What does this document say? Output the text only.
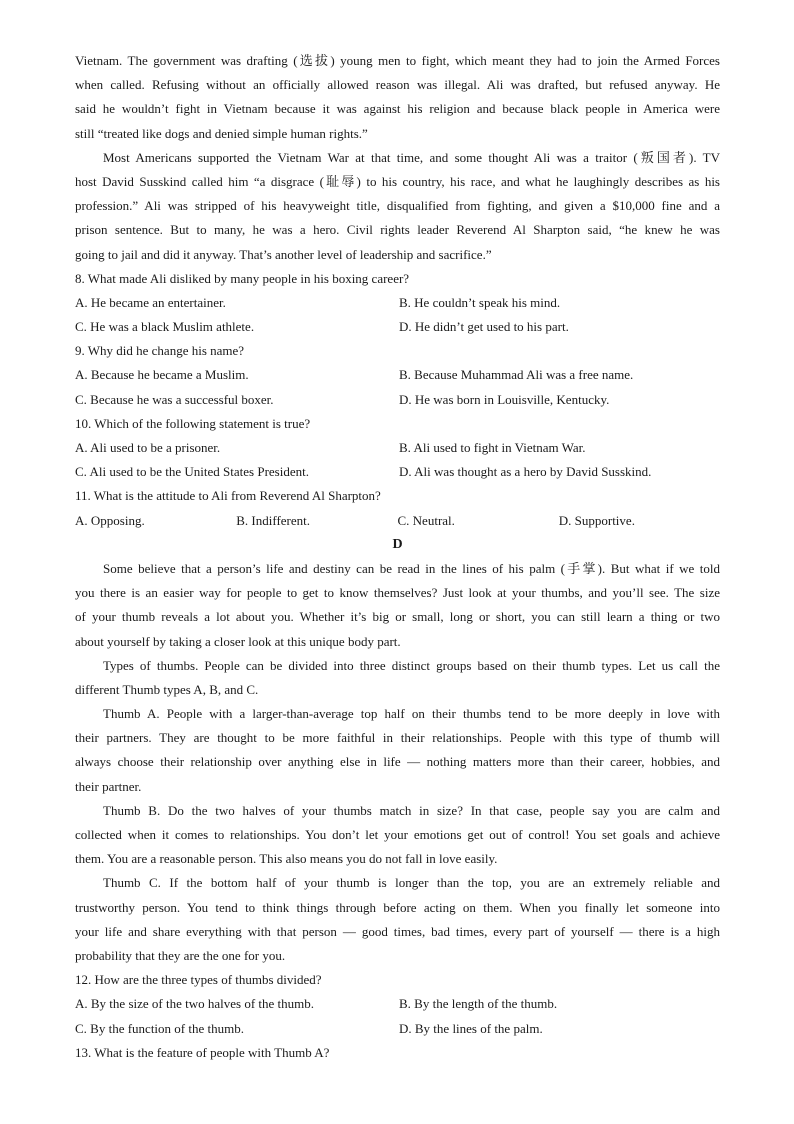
Vietnam. The government was drafting (选拔) young men to fight, which meant they had to join the Armed Forces
when called. Refusing without an officially allowed reason was illegal. Ali was drafted, but refused anyway. He
said he wouldn’t fight in Vietnam because it was against his religion and because black people in America were
still “treated like dogs and denied simple human rights.”
Most Americans supported the Vietnam War at that time, and some thought Ali was a traitor (叛国者). TV
host David Susskind called him “a disgrace (耻辱) to his country, his race, and what he laughingly describes as his
profession.” Ali was stripped of his heavyweight title, disqualified from fighting, and given a $10,000 fine and a
prison sentence. But to many, he was a hero. Civil rights leader Reverend Al Sharpton said, “he knew he was
going to jail and did it anyway. That’s another level of leadership and sacrifice.”
8. What made Ali disliked by many people in his boxing career?
A. He became an entertainer.	B. He couldn’t speak his mind.
C. He was a black Muslim athlete.	D. He didn’t get used to his part.
9. Why did he change his name?
A. Because he became a Muslim.	B. Because Muhammad Ali was a free name.
C. Because he was a successful boxer.	D. He was born in Louisville, Kentucky.
10. Which of the following statement is true?
A. Ali used to be a prisoner.	B. Ali used to fight in Vietnam War.
C. Ali used to be the United States President.	D. Ali was thought as a hero by David Susskind.
11. What is the attitude to Ali from Reverend Al Sharpton?
A. Opposing.	B. Indifferent.	C. Neutral.	D. Supportive.
D
Some believe that a person’s life and destiny can be read in the lines of his palm (手掌). But what if we told
you there is an easier way for people to get to know themselves? Just look at your thumbs, and you’ll see. The size
of your thumb reveals a lot about you. Whether it’s big or small, long or short, you can still learn a thing or two
about yourself by taking a closer look at this unique body part.
Types of thumbs. People can be divided into three distinct groups based on their thumb types. Let us call the
different Thumb types A, B, and C.
Thumb A. People with a larger-than-average top half on their thumbs tend to be more deeply in love with
their partners. They are thought to be more faithful in their relationships. People with this type of thumb will
always choose their relationship over anything else in life — nothing matters more than their career, hobbies, and
their partner.
Thumb B. Do the two halves of your thumbs match in size? In that case, people say you are calm and
collected when it comes to relationships. You don’t let your emotions get out of control! You set goals and achieve
them. You are a reasonable person. This also means you do not fall in love easily.
Thumb C. If the bottom half of your thumb is longer than the top, you are an extremely reliable and
trustworthy person. You tend to think things through before acting on them. When you finally let someone into
your life and share everything with that person — good times, bad times, every part of yourself — there is a high
probability that they are the one for you.
12. How are the three types of thumbs divided?
A. By the size of the two halves of the thumb.	B. By the length of the thumb.
C. By the function of the thumb.	D. By the lines of the palm.
13. What is the feature of people with Thumb A?
